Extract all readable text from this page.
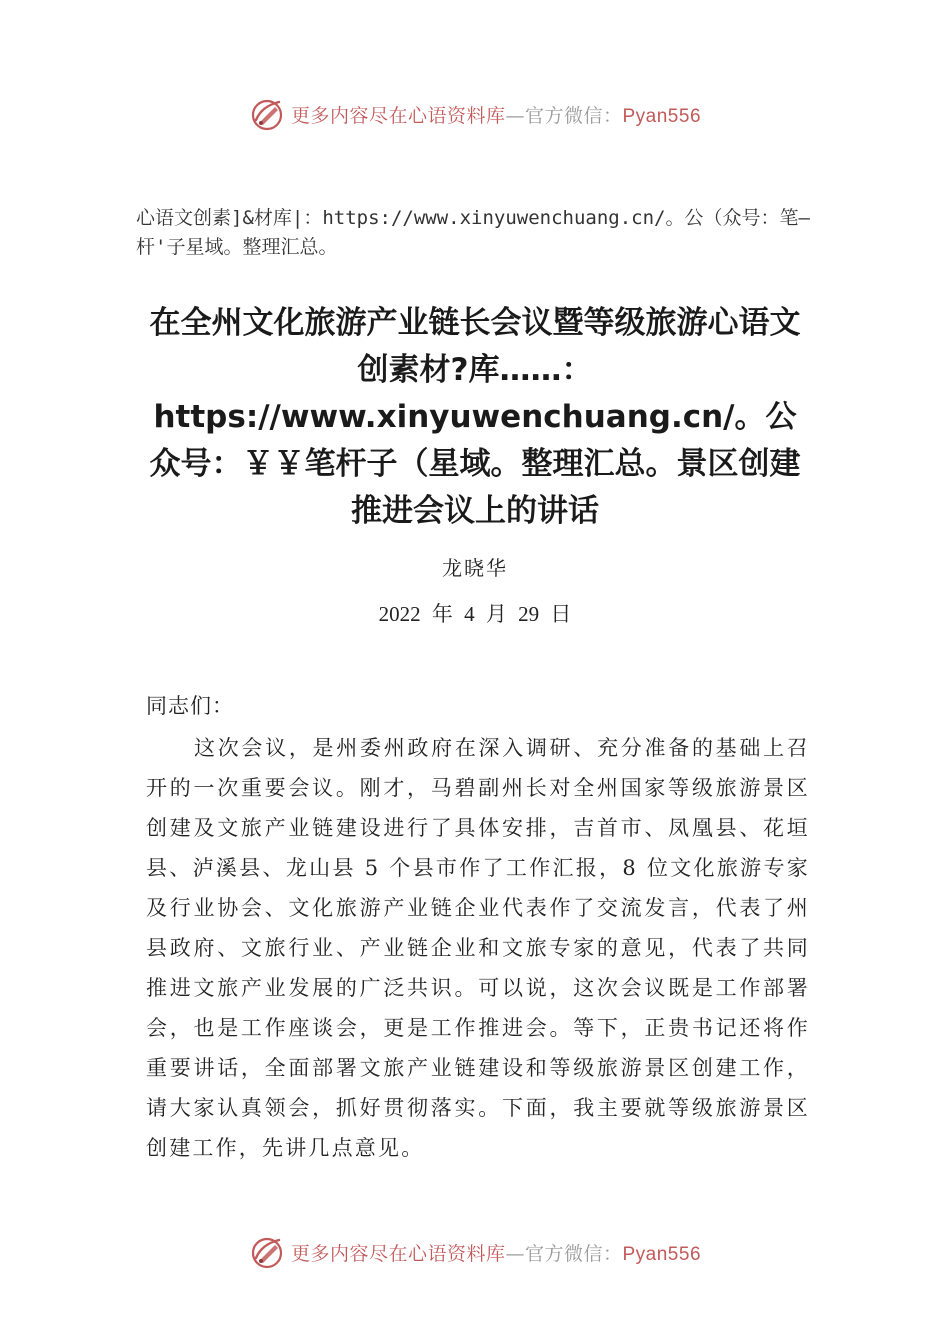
更多内容尽在心语资料库—官方微信：Pyan556
心语文创素]&材库|：https://www.xinyuwenchuang.cn/。公（众号：笔—杆'子星域。整理汇总。
在全州文化旅游产业链长会议暨等级旅游心语文创素材?库……：https://www.xinyuwenchuang.cn/。公众号：￥￥笔杆子（星域。整理汇总。景区创建推进会议上的讲话
龙晓华
2022 年 4 月 29 日
同志们：
这次会议，是州委州政府在深入调研、充分准备的基础上召开的一次重要会议。刚才，马碧副州长对全州国家等级旅游景区创建及文旅产业链建设进行了具体安排，吉首市、凤凰县、花垣县、泸溪县、龙山县 5 个县市作了工作汇报，8 位文化旅游专家及行业协会、文化旅游产业链企业代表作了交流发言，代表了州县政府、文旅行业、产业链企业和文旅专家的意见，代表了共同推进文旅产业发展的广泛共识。可以说，这次会议既是工作部署会，也是工作座谈会，更是工作推进会。等下，正贵书记还将作重要讲话，全面部署文旅产业链建设和等级旅游景区创建工作，请大家认真领会，抓好贯彻落实。下面，我主要就等级旅游景区创建工作，先讲几点意见。
更多内容尽在心语资料库—官方微信：Pyan556
